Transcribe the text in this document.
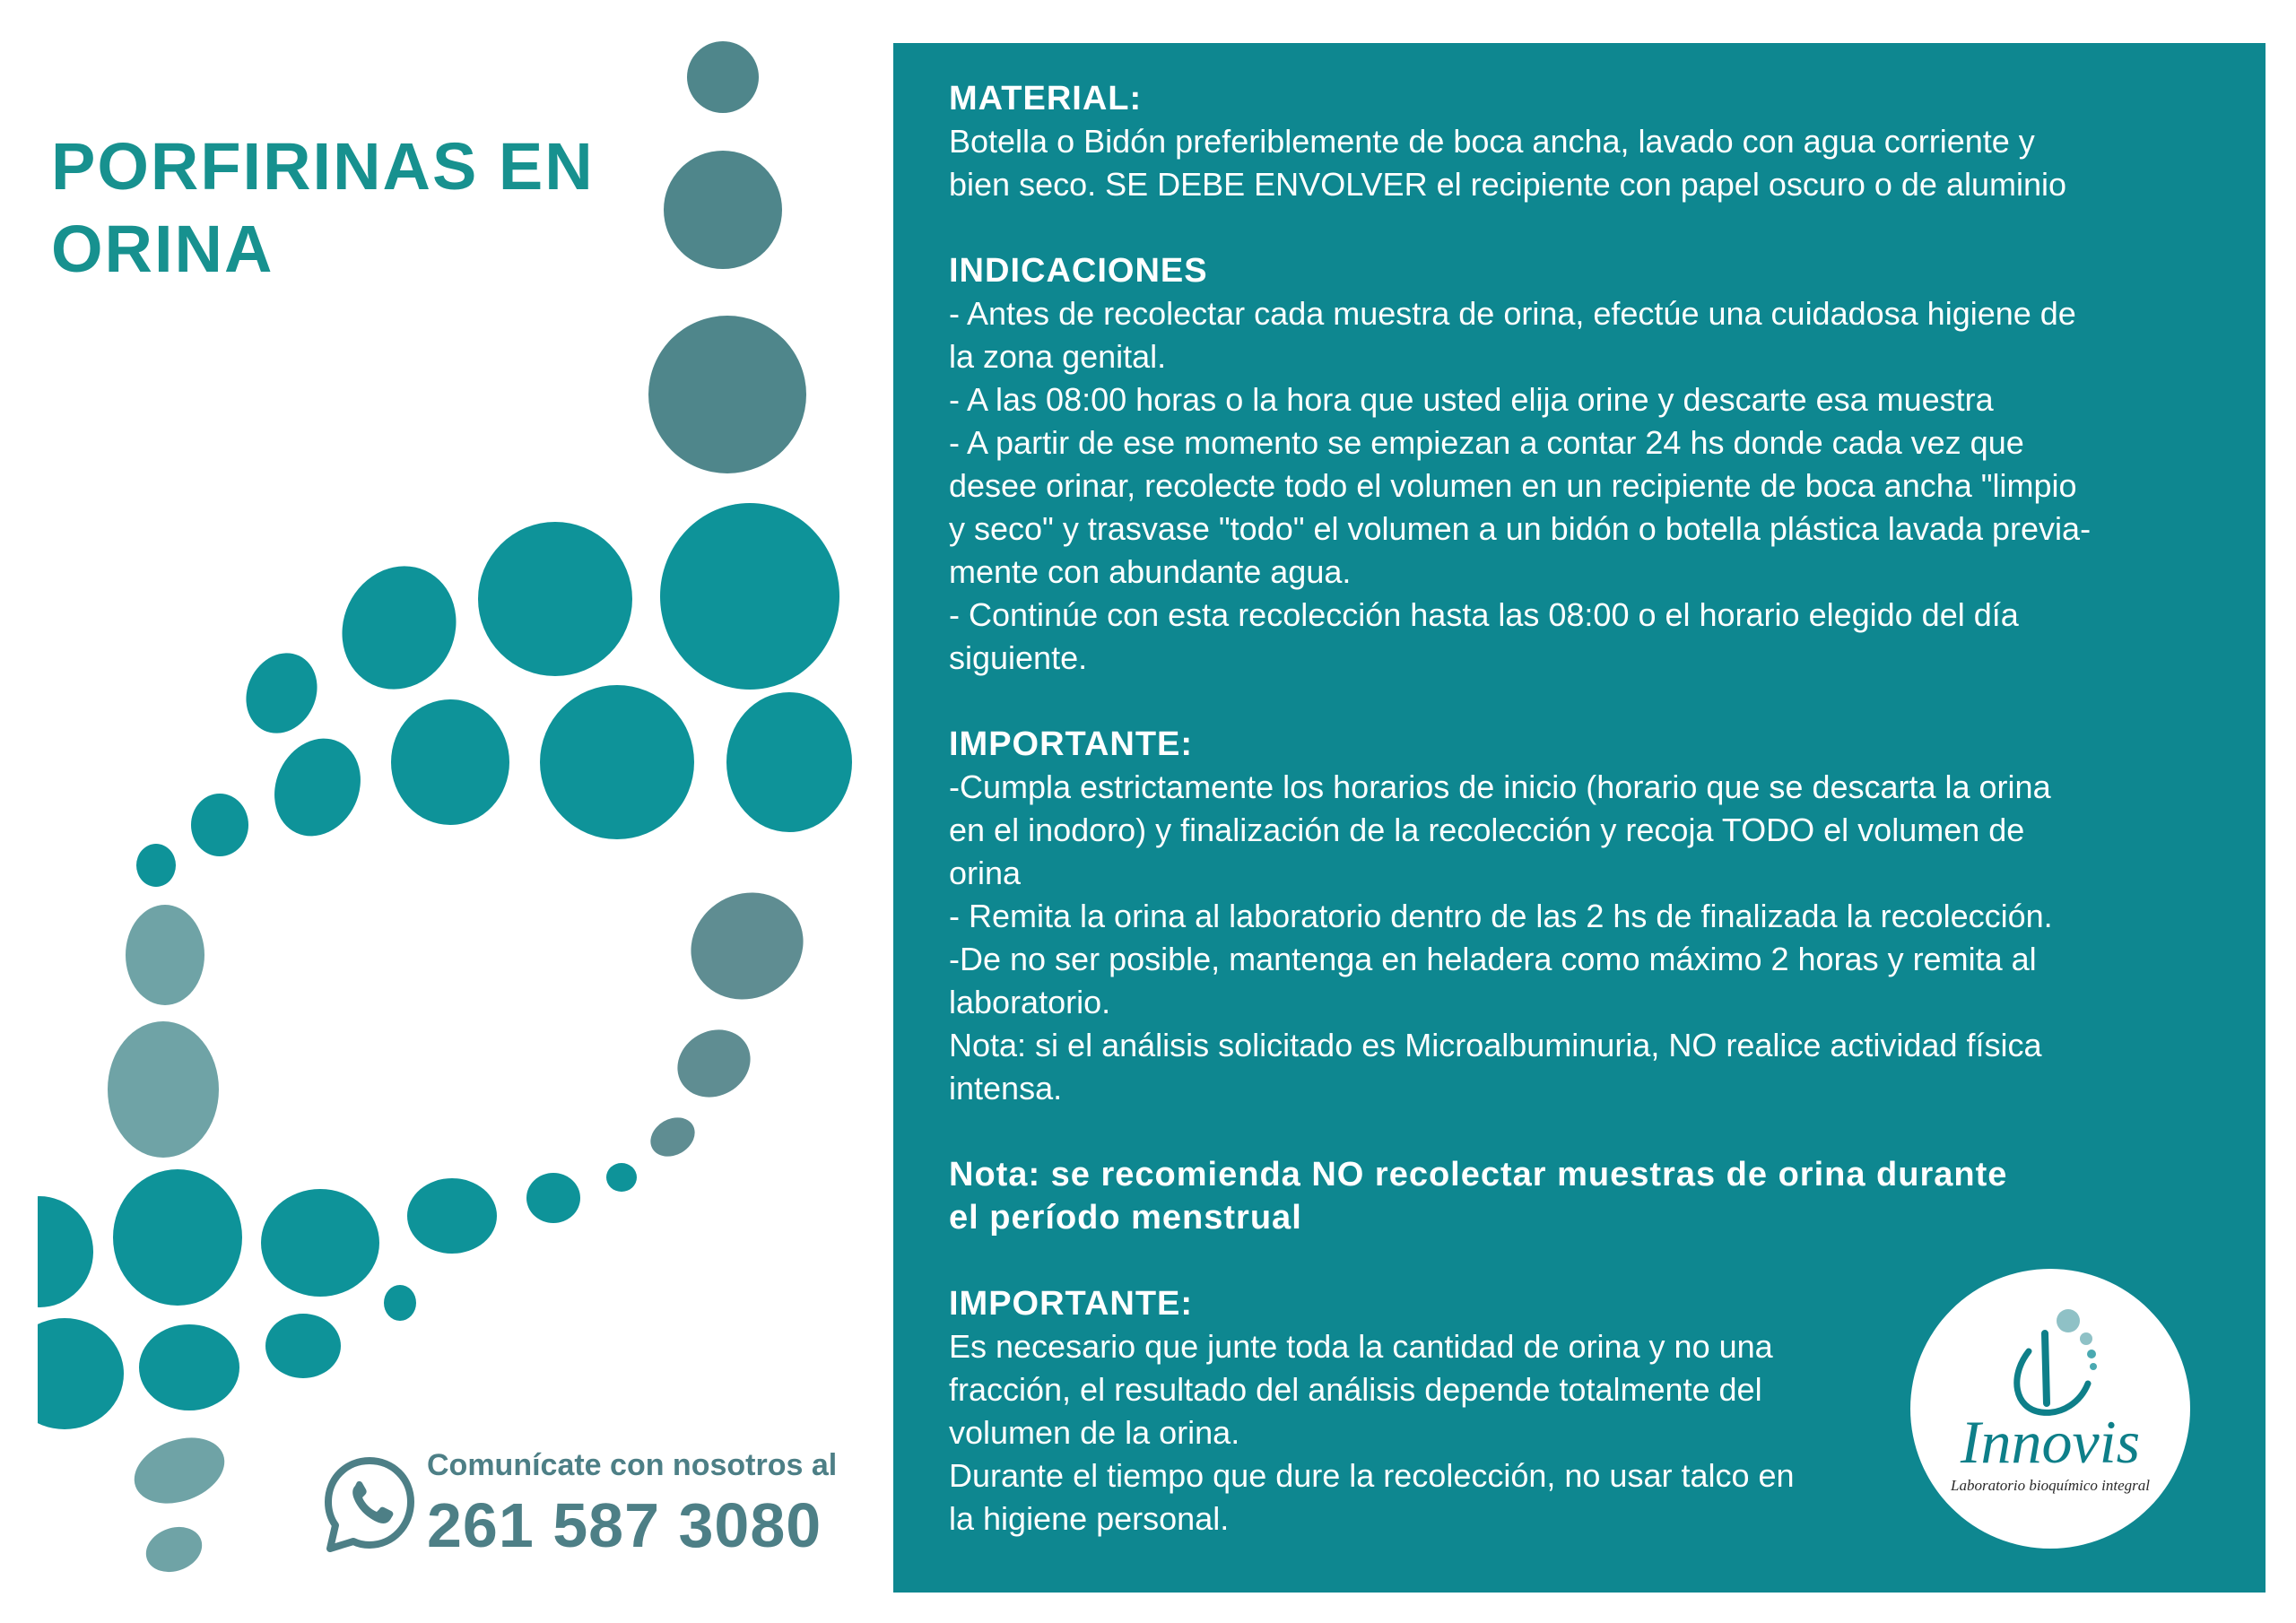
PORFIRINAS EN ORINA
MATERIAL:

Botella o Bidón preferiblemente de boca ancha, lavado con agua corriente y

bien seco. SE DEBE ENVOLVER el recipiente con papel oscuro o de aluminio

INDICACIONES

- Antes de recolectar cada muestra de orina, efectúe una cuidadosa higiene de

la zona genital.

- A las 08:00 horas o la hora que usted elija orine y descarte esa muestra

- A partir de ese momento se empiezan a contar 24 hs donde cada vez que

desee orinar, recolecte todo el volumen en un recipiente de boca ancha "limpio

y seco" y trasvase "todo" el volumen a un bidón o botella plástica lavada previa-

mente con abundante agua.

- Continúe con esta recolección hasta las 08:00 o el horario elegido del día

siguiente.

IMPORTANTE:

-Cumpla estrictamente los horarios de inicio (horario que se descarta la orina

en el inodoro) y finalización de la recolección y recoja TODO el volumen de

orina

- Remita la orina al laboratorio dentro de las 2 hs de finalizada la recolección.

-De no ser posible, mantenga en heladera como máximo 2 horas y remita al

laboratorio.

Nota: si el análisis solicitado es Microalbuminuria, NO realice actividad física

intensa.

Nota: se recomienda NO recolectar muestras de orina durante
el período menstrual
IMPORTANTE:

Es necesario que junte toda la cantidad de orina y no una

fracción, el resultado del análisis depende totalmente del

volumen de la orina.

Durante el tiempo que dure la recolección, no usar talco en

la higiene personal.

Innovis
Laboratorio bioquímico integral
Comunícate con nosotros al
261 587 3080
